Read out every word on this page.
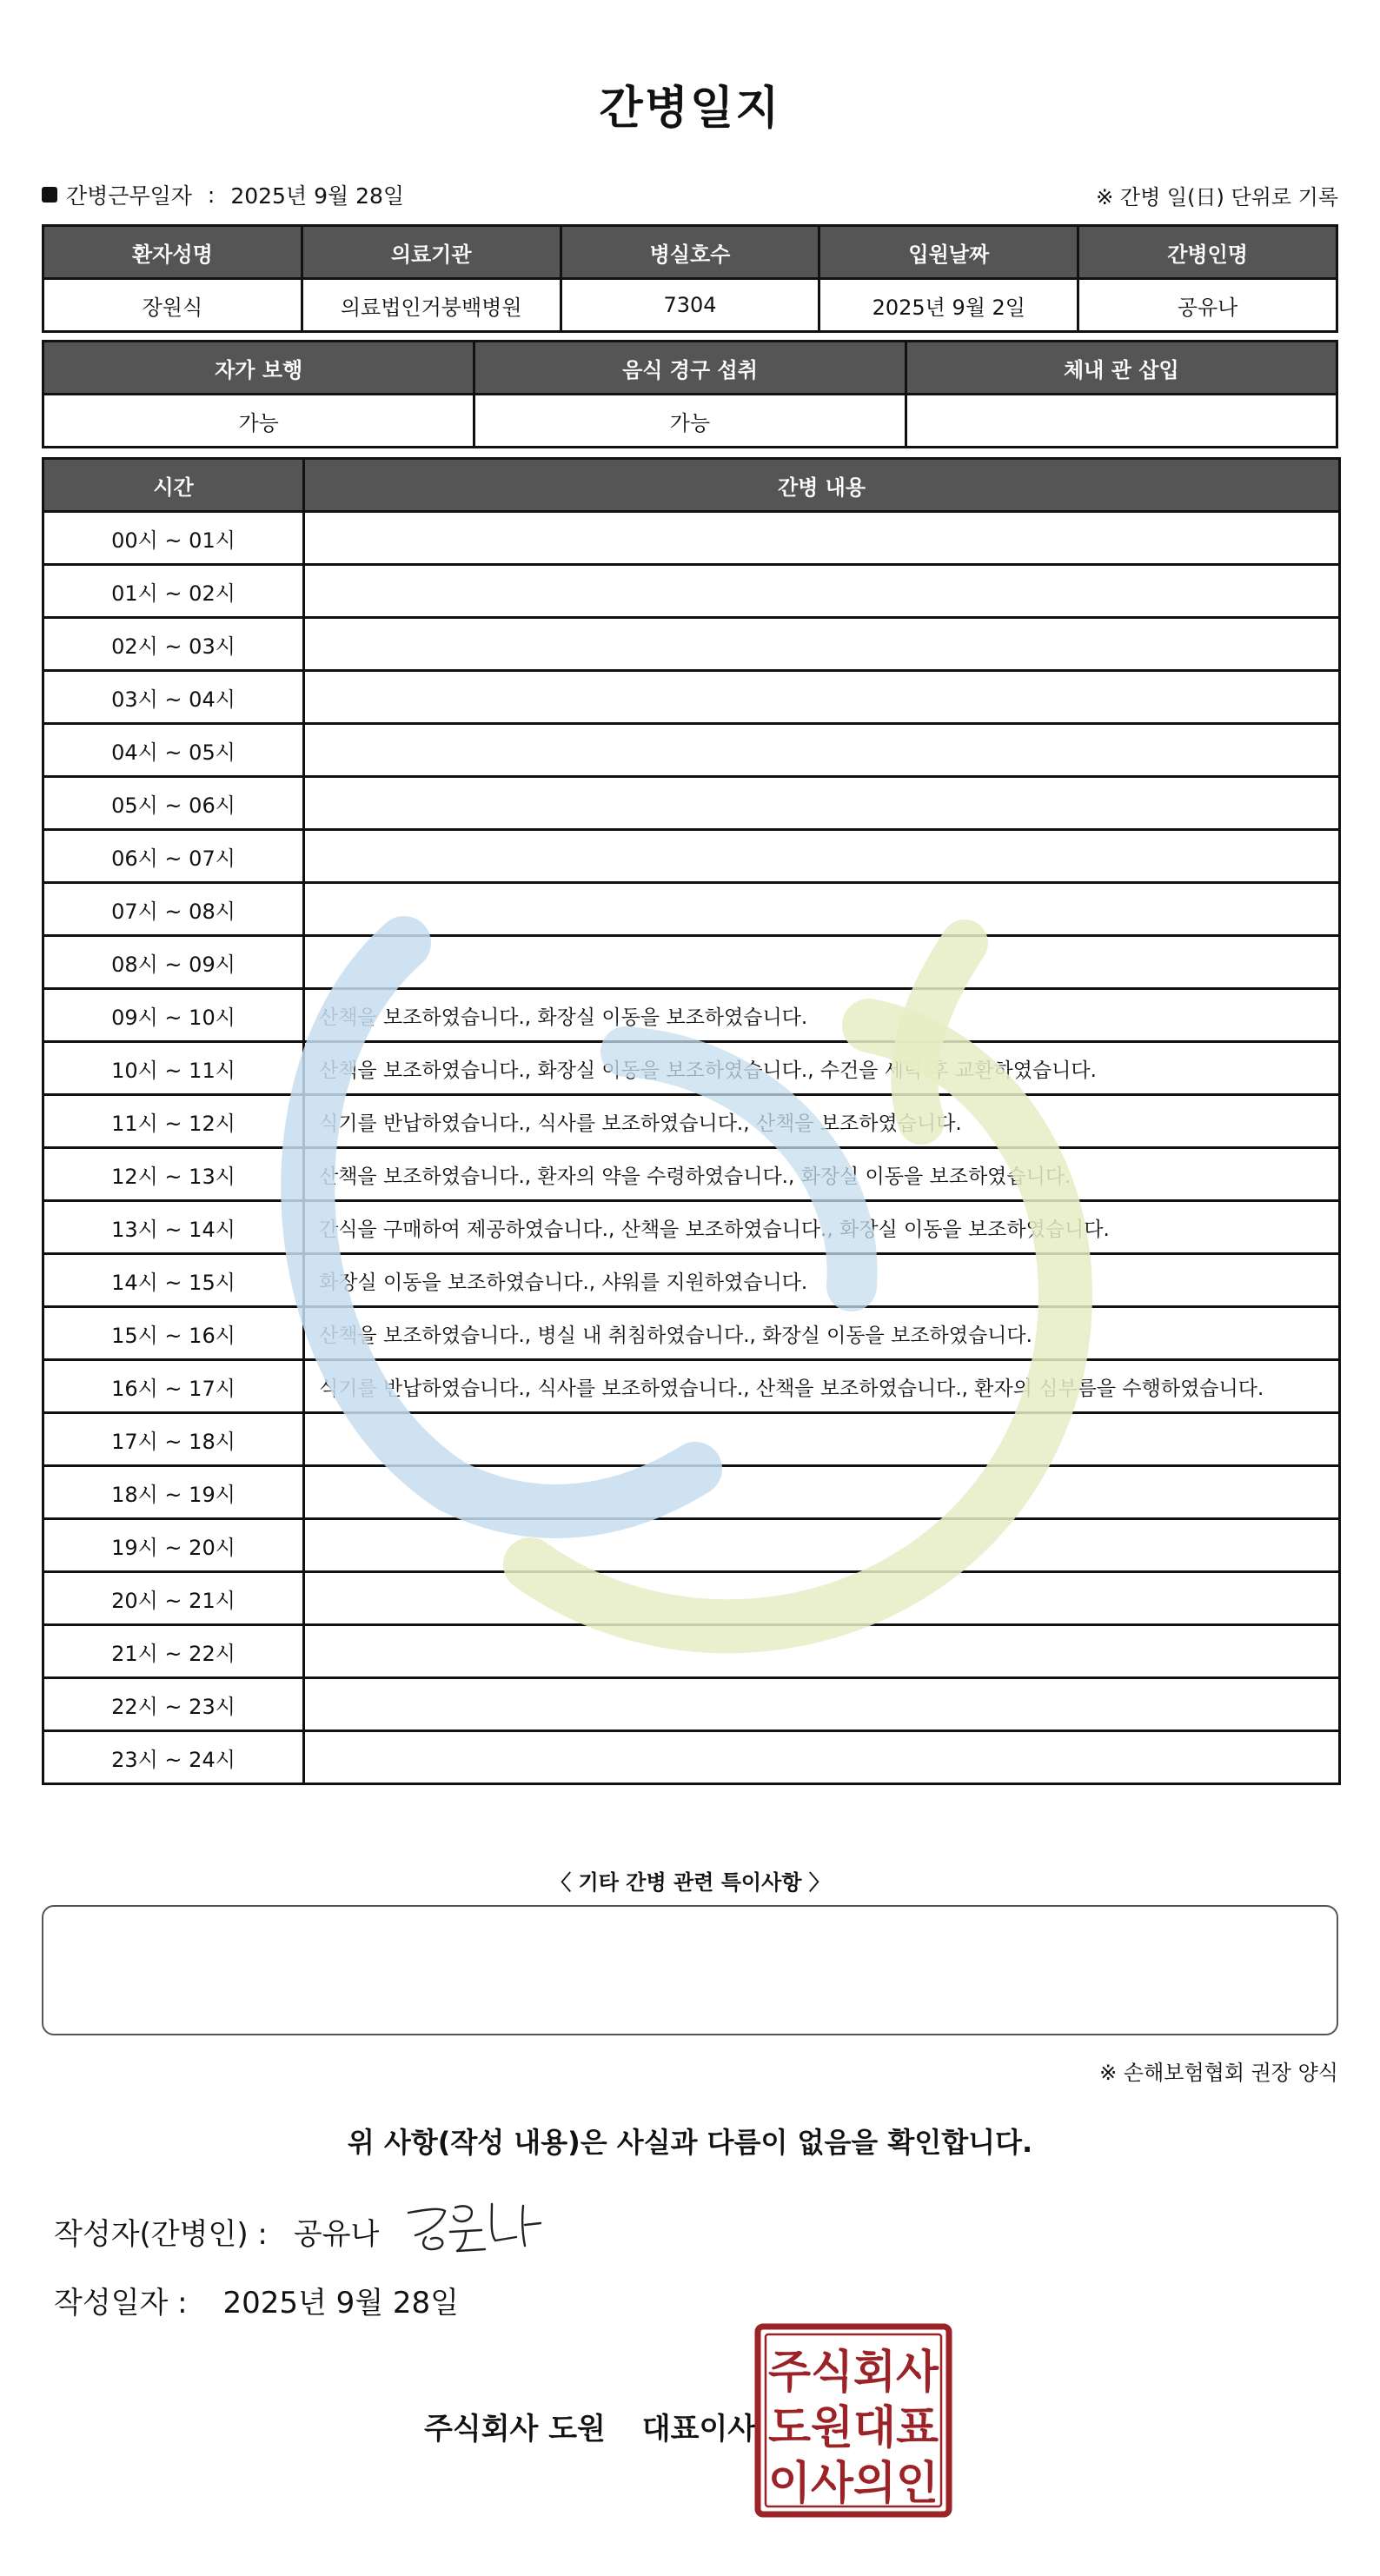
간병일지
간병근무일자 : 2025년 9월 28일	※ 간병 일(日) 단위로 기록
환자성명	의료기관	병실호수	입원날짜	간병인명
장원식	의료법인거붕백병원	7304	2025년 9월 2일	공유나
자가 보행	음식 경구 섭취	체내 관 삽입
가능	가능	
시간	간병 내용
00시 ~ 01시	
01시 ~ 02시	
02시 ~ 03시	
03시 ~ 04시	
04시 ~ 05시	
05시 ~ 06시	
06시 ~ 07시	
07시 ~ 08시	
08시 ~ 09시	
09시 ~ 10시	산책을 보조하였습니다., 화장실 이동을 보조하였습니다.
10시 ~ 11시	산책을 보조하였습니다., 화장실 이동을 보조하였습니다., 수건을 세탁 후 교환하였습니다.
11시 ~ 12시	식기를 반납하였습니다., 식사를 보조하였습니다., 산책을 보조하였습니다.
12시 ~ 13시	산책을 보조하였습니다., 환자의 약을 수령하였습니다., 화장실 이동을 보조하였습니다.
13시 ~ 14시	간식을 구매하여 제공하였습니다., 산책을 보조하였습니다., 화장실 이동을 보조하였습니다.
14시 ~ 15시	화장실 이동을 보조하였습니다., 샤워를 지원하였습니다.
15시 ~ 16시	산책을 보조하였습니다., 병실 내 취침하였습니다., 화장실 이동을 보조하였습니다.
16시 ~ 17시	식기를 반납하였습니다., 식사를 보조하였습니다., 산책을 보조하였습니다., 환자의 심부름을 수행하였습니다.
17시 ~ 18시	
18시 ~ 19시	
19시 ~ 20시	
20시 ~ 21시	
21시 ~ 22시	
22시 ~ 23시	
23시 ~ 24시	
〈 기타 간병 관련 특이사항 〉
※ 손해보험협회 권장 양식
위 사항(작성 내용)은 사실과 다름이 없음을 확인합니다.
작성자(간병인) : 공유나
작성일자 : 2025년 9월 28일
주식회사 도원 대표이사
주식회사
도원대표
이사의인
